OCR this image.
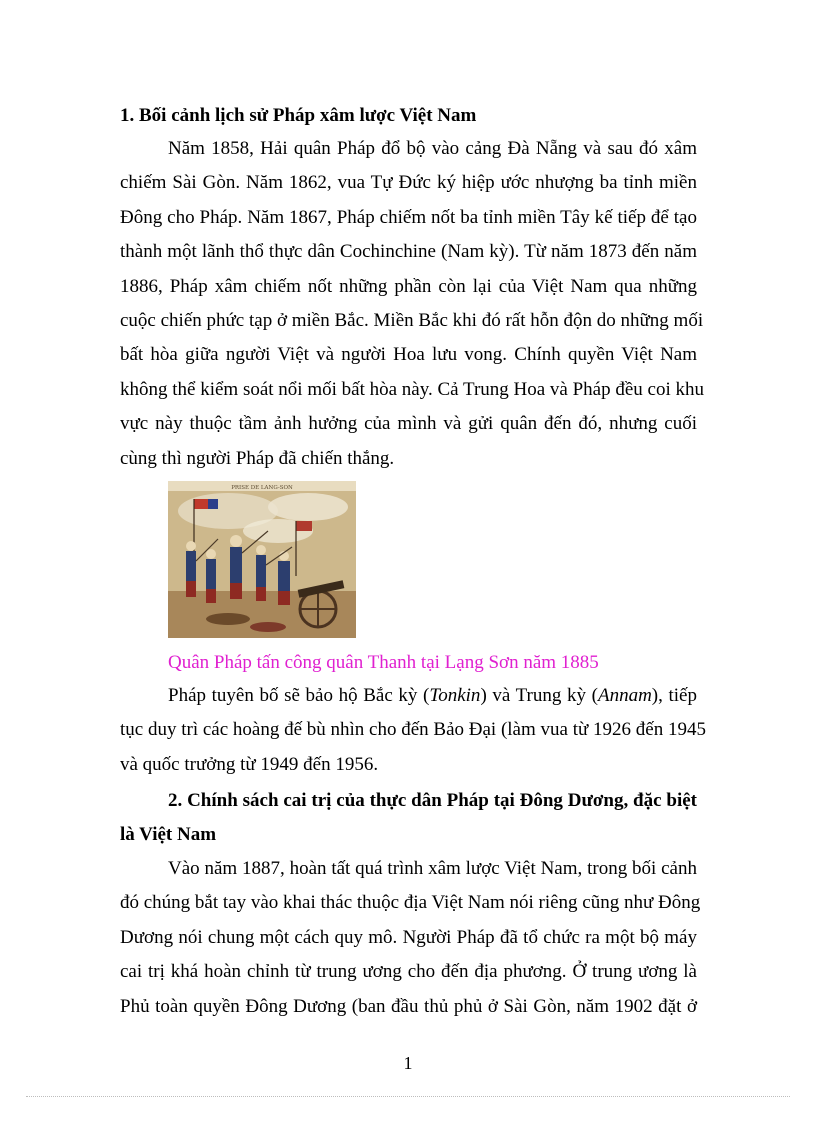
1. Bối cảnh lịch sử Pháp xâm lược Việt Nam
Năm 1858, Hải quân Pháp đổ bộ vào cảng Đà Nẵng và sau đó xâm
chiếm Sài Gòn. Năm 1862, vua Tự Đức ký hiệp ước nhượng ba tỉnh miền
Đông cho Pháp. Năm 1867, Pháp chiếm nốt ba tỉnh miền Tây kế tiếp để tạo
thành một lãnh thổ thực dân Cochinchine (Nam kỳ). Từ năm 1873 đến năm
1886, Pháp xâm chiếm nốt những phần còn lại của Việt Nam qua những
cuộc chiến phức tạp ở miền Bắc. Miền Bắc khi đó rất hỗn độn do những mối
bất hòa giữa người Việt và người Hoa lưu vong. Chính quyền Việt Nam
không thể kiểm soát nổi mối bất hòa này. Cả Trung Hoa và Pháp đều coi khu
vực này thuộc tầm ảnh hưởng của mình và gửi quân đến đó, nhưng cuối
cùng thì người Pháp đã chiến thắng.
PRISE DE LANG-SON
Quân Pháp tấn công quân Thanh tại Lạng Sơn năm 1885
Pháp tuyên bố sẽ bảo hộ Bắc kỳ (Tonkin) và Trung kỳ (Annam), tiếp
tục duy trì các hoàng đế bù nhìn cho đến Bảo Đại (làm vua từ 1926 đến 1945
và quốc trưởng từ 1949 đến 1956.
2. Chính sách cai trị của thực dân Pháp tại Đông Dương, đặc biệt
là Việt Nam
Vào năm 1887, hoàn tất quá trình xâm lược Việt Nam, trong bối cảnh
đó chúng bắt tay vào khai thác thuộc địa Việt Nam nói riêng cũng như Đông
Dương nói chung một cách quy mô. Người Pháp đã tổ chức ra một bộ máy
cai trị khá hoàn chỉnh từ trung ương cho đến địa phương. Ở trung ương là
Phủ toàn quyền Đông Dương (ban đầu thủ phủ ở Sài Gòn, năm 1902 đặt ở
1
